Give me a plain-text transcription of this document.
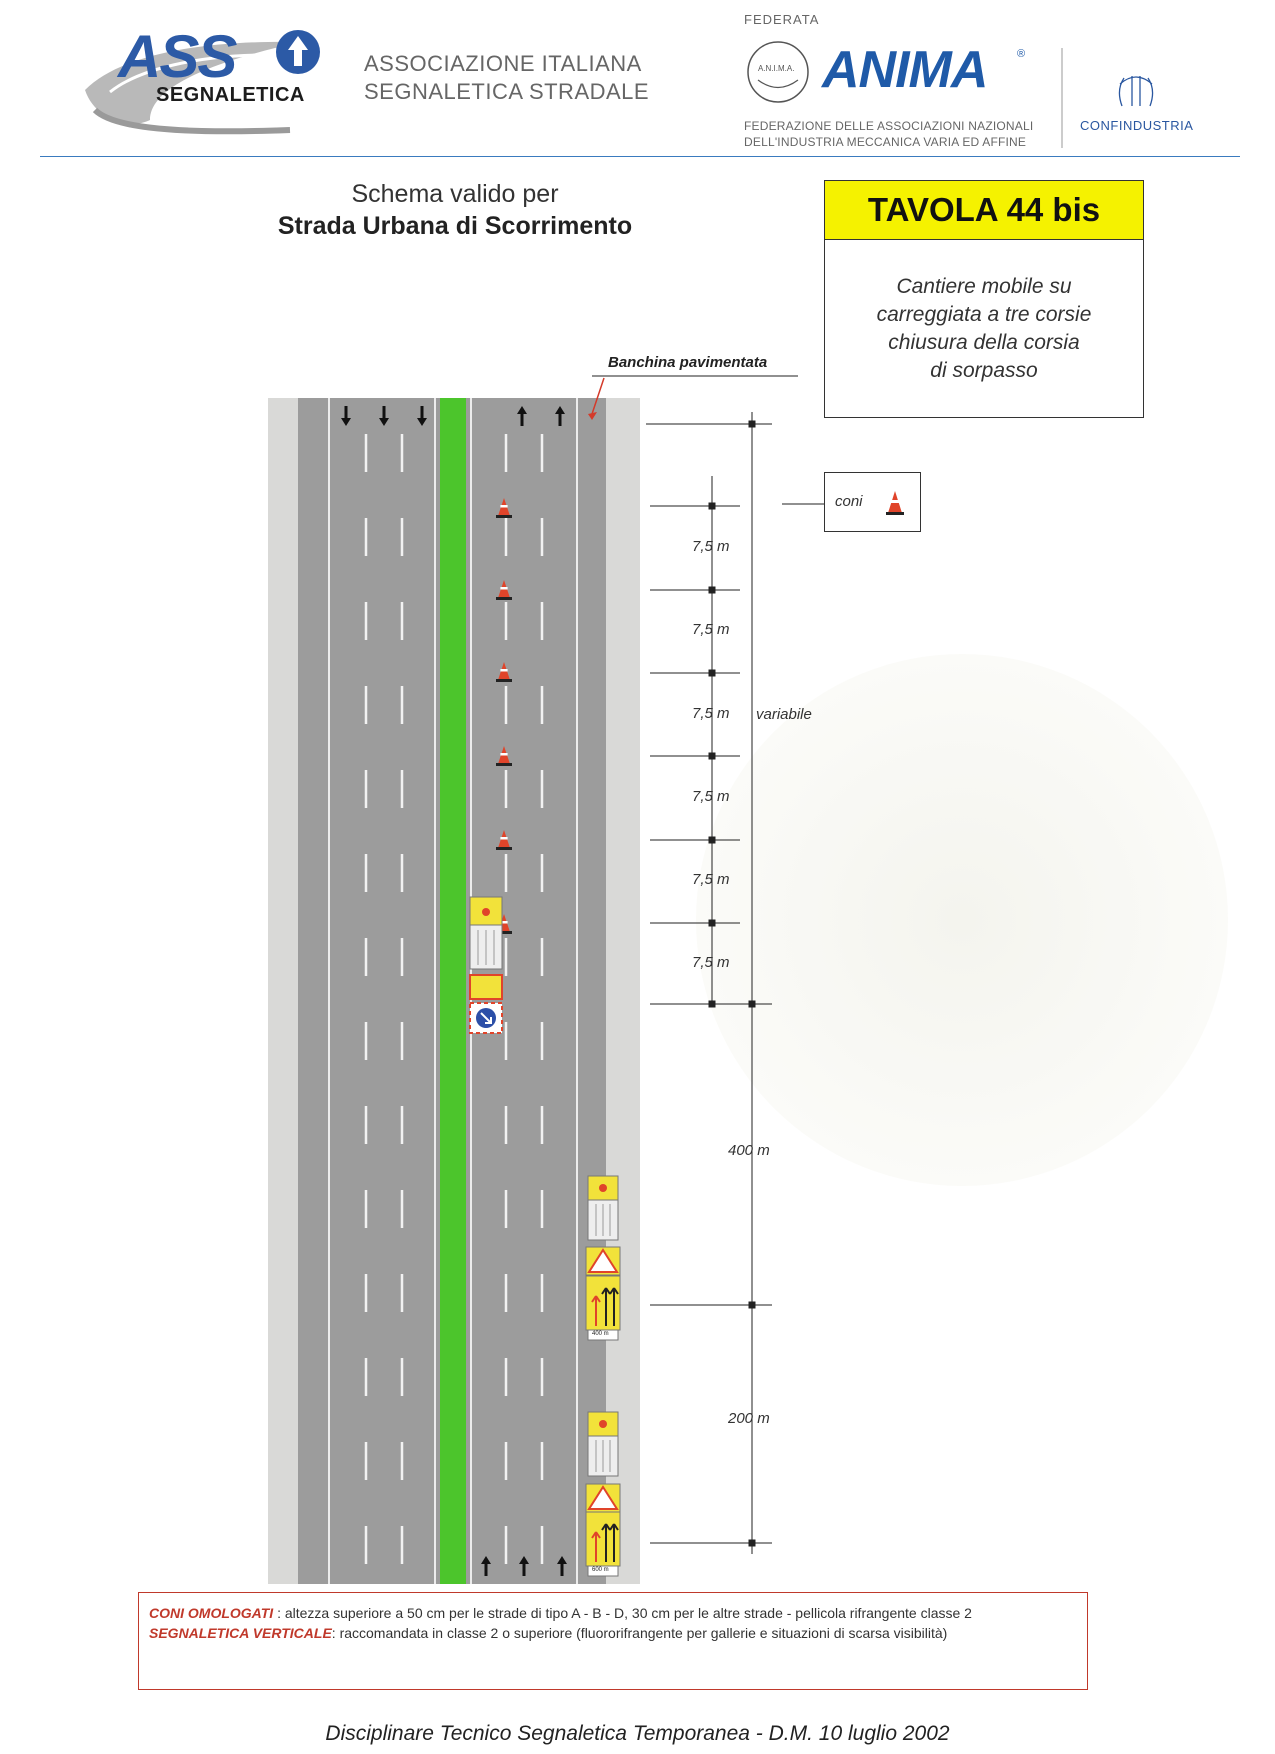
ASS
SEGNALETICA
ASSOCIAZIONE ITALIANA
SEGNALETICA STRADALE
FEDERATA
A.N.I.M.A. ANIMA	®
FEDERAZIONE DELLE ASSOCIAZIONI NAZIONALI
DELL'INDUSTRIA MECCANICA VARIA ED AFFINE
CONFINDUSTRIA
Schema valido per
Strada Urbana di Scorrimento	TAVOLA 44 bis
Cantiere mobile su
carreggiata a tre corsie
chiusura della corsia
di sorpasso
Banchina pavimentata
coni
7,5 m
7,5 m
7,5 m
7,5 m
7,5 m
7,5 m
variabile
400 m
200 m
400 m
600 m
CONI OMOLOGATI : altezza superiore a 50 cm per le strade di tipo A - B - D, 30 cm per le altre strade - pellicola rifrangente classe 2
SEGNALETICA VERTICALE: raccomandata in classe 2 o superiore (fluororifrangente per gallerie e situazioni di scarsa visibilità)
Disciplinare Tecnico Segnaletica Temporanea - D.M. 10 luglio 2002
